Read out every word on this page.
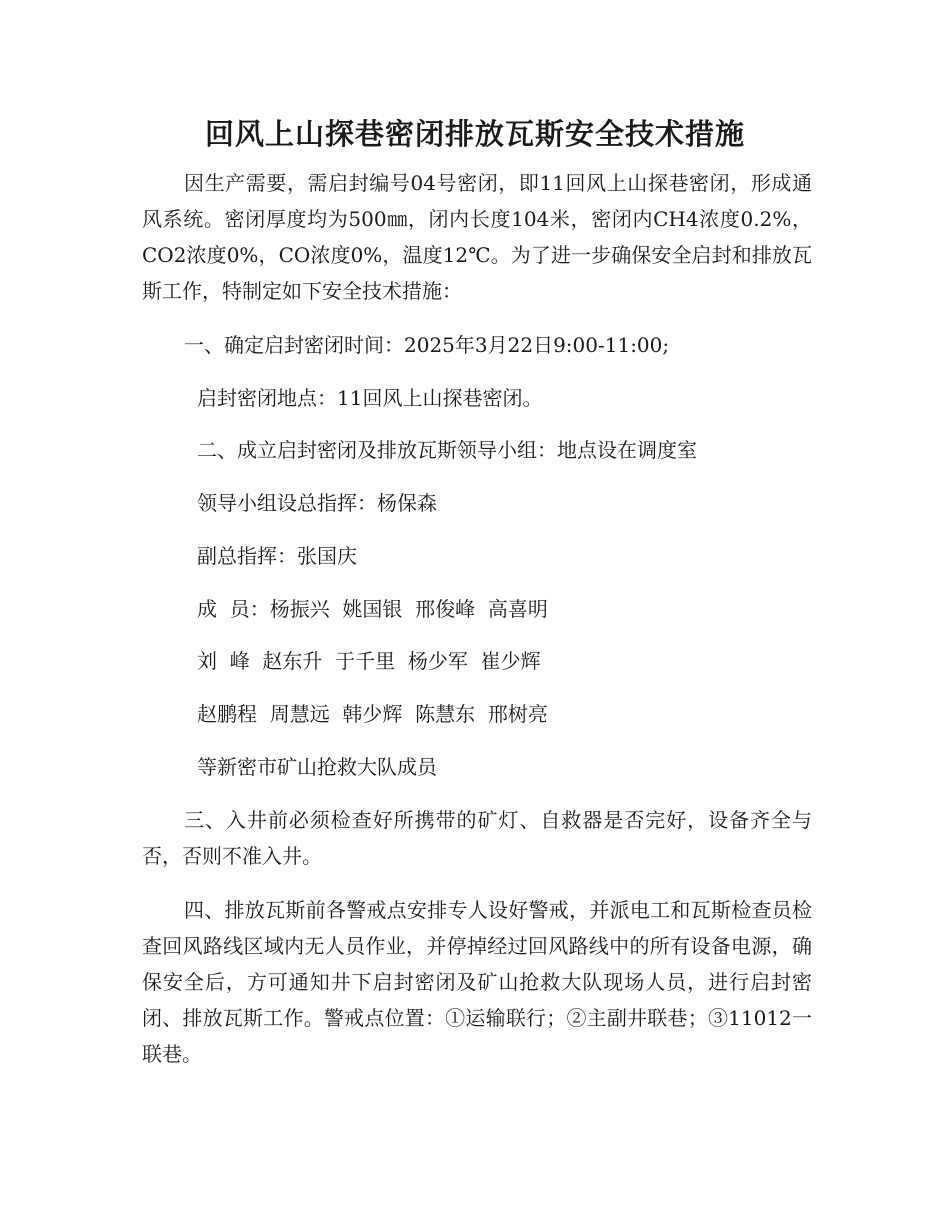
回风上山探巷密闭排放瓦斯安全技术措施

因生产需要，需启封编号04号密闭，即11回风上山探巷密闭，形成通风系统。密闭厚度均为500㎜，闭内长度104米，密闭内CH4浓度0.2%，CO2浓度0%，CO浓度0%，温度12℃。为了进一步确保安全启封和排放瓦斯工作，特制定如下安全技术措施：

一、确定启封密闭时间：2025年3月22日9:00-11:00;

启封密闭地点：11回风上山探巷密闭。

二、成立启封密闭及排放瓦斯领导小组：地点设在调度室

领导小组设总指挥：杨保森

副总指挥：张国庆

成  员：杨振兴  姚国银  邢俊峰  高喜明

刘  峰  赵东升  于千里  杨少军  崔少辉

赵鹏程  周慧远  韩少辉  陈慧东  邢树亮

等新密市矿山抢救大队成员

三、入井前必须检查好所携带的矿灯、自救器是否完好，设备齐全与否，否则不准入井。

四、排放瓦斯前各警戒点安排专人设好警戒，并派电工和瓦斯检查员检查回风路线区域内无人员作业，并停掉经过回风路线中的所有设备电源，确保安全后，方可通知井下启封密闭及矿山抢救大队现场人员，进行启封密闭、排放瓦斯工作。警戒点位置：①运输联行；②主副井联巷；③11012一联巷。
